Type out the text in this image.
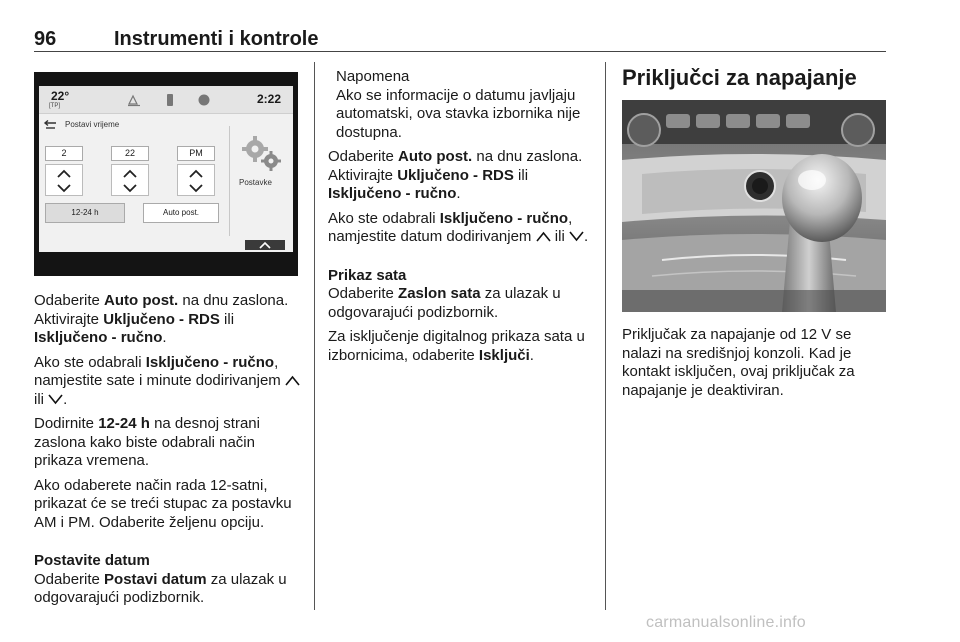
96	Instrumenti i kontrole
22°
[TP]	2:22
Postavi vrijeme
2	22	PM
12-24 h	Auto post.
Postavke

Odaberite Auto post. na dnu zaslona. Aktivirajte Uključeno - RDS ili Isključeno - ručno.

Ako ste odabrali Isključeno - ručno, namjestite sate i minute dodirivanjem
ili
.

Dodirnite 12-24 h na desnoj strani zaslona kako biste odabrali način prikaza vremena.

Ako odaberete način rada 12-satni, prikazat će se treći stupac za postavku AM i PM. Odaberite željenu opciju.

Postavite datum

Odaberite Postavi datum za ulazak u odgovarajući podizbornik.

Napomena

Ako se informacije o datumu javljaju automatski, ova stavka izbornika nije dostupna.

Odaberite Auto post. na dnu zaslona. Aktivirajte Uključeno - RDS ili Isključeno - ručno.

Ako ste odabrali Isključeno - ručno, namjestite datum dodirivanjem
ili
.

Prikaz sata

Odaberite Zaslon sata za ulazak u odgovarajući podizbornik.

Za isključenje digitalnog prikaza sata u izbornicima, odaberite Isključi.

Priključci za napajanje

Priključak za napajanje od 12 V se nalazi na središnjoj konzoli. Kad je kontakt isključen, ovaj priključak za napajanje je deaktiviran.

carmanualsonline.info
